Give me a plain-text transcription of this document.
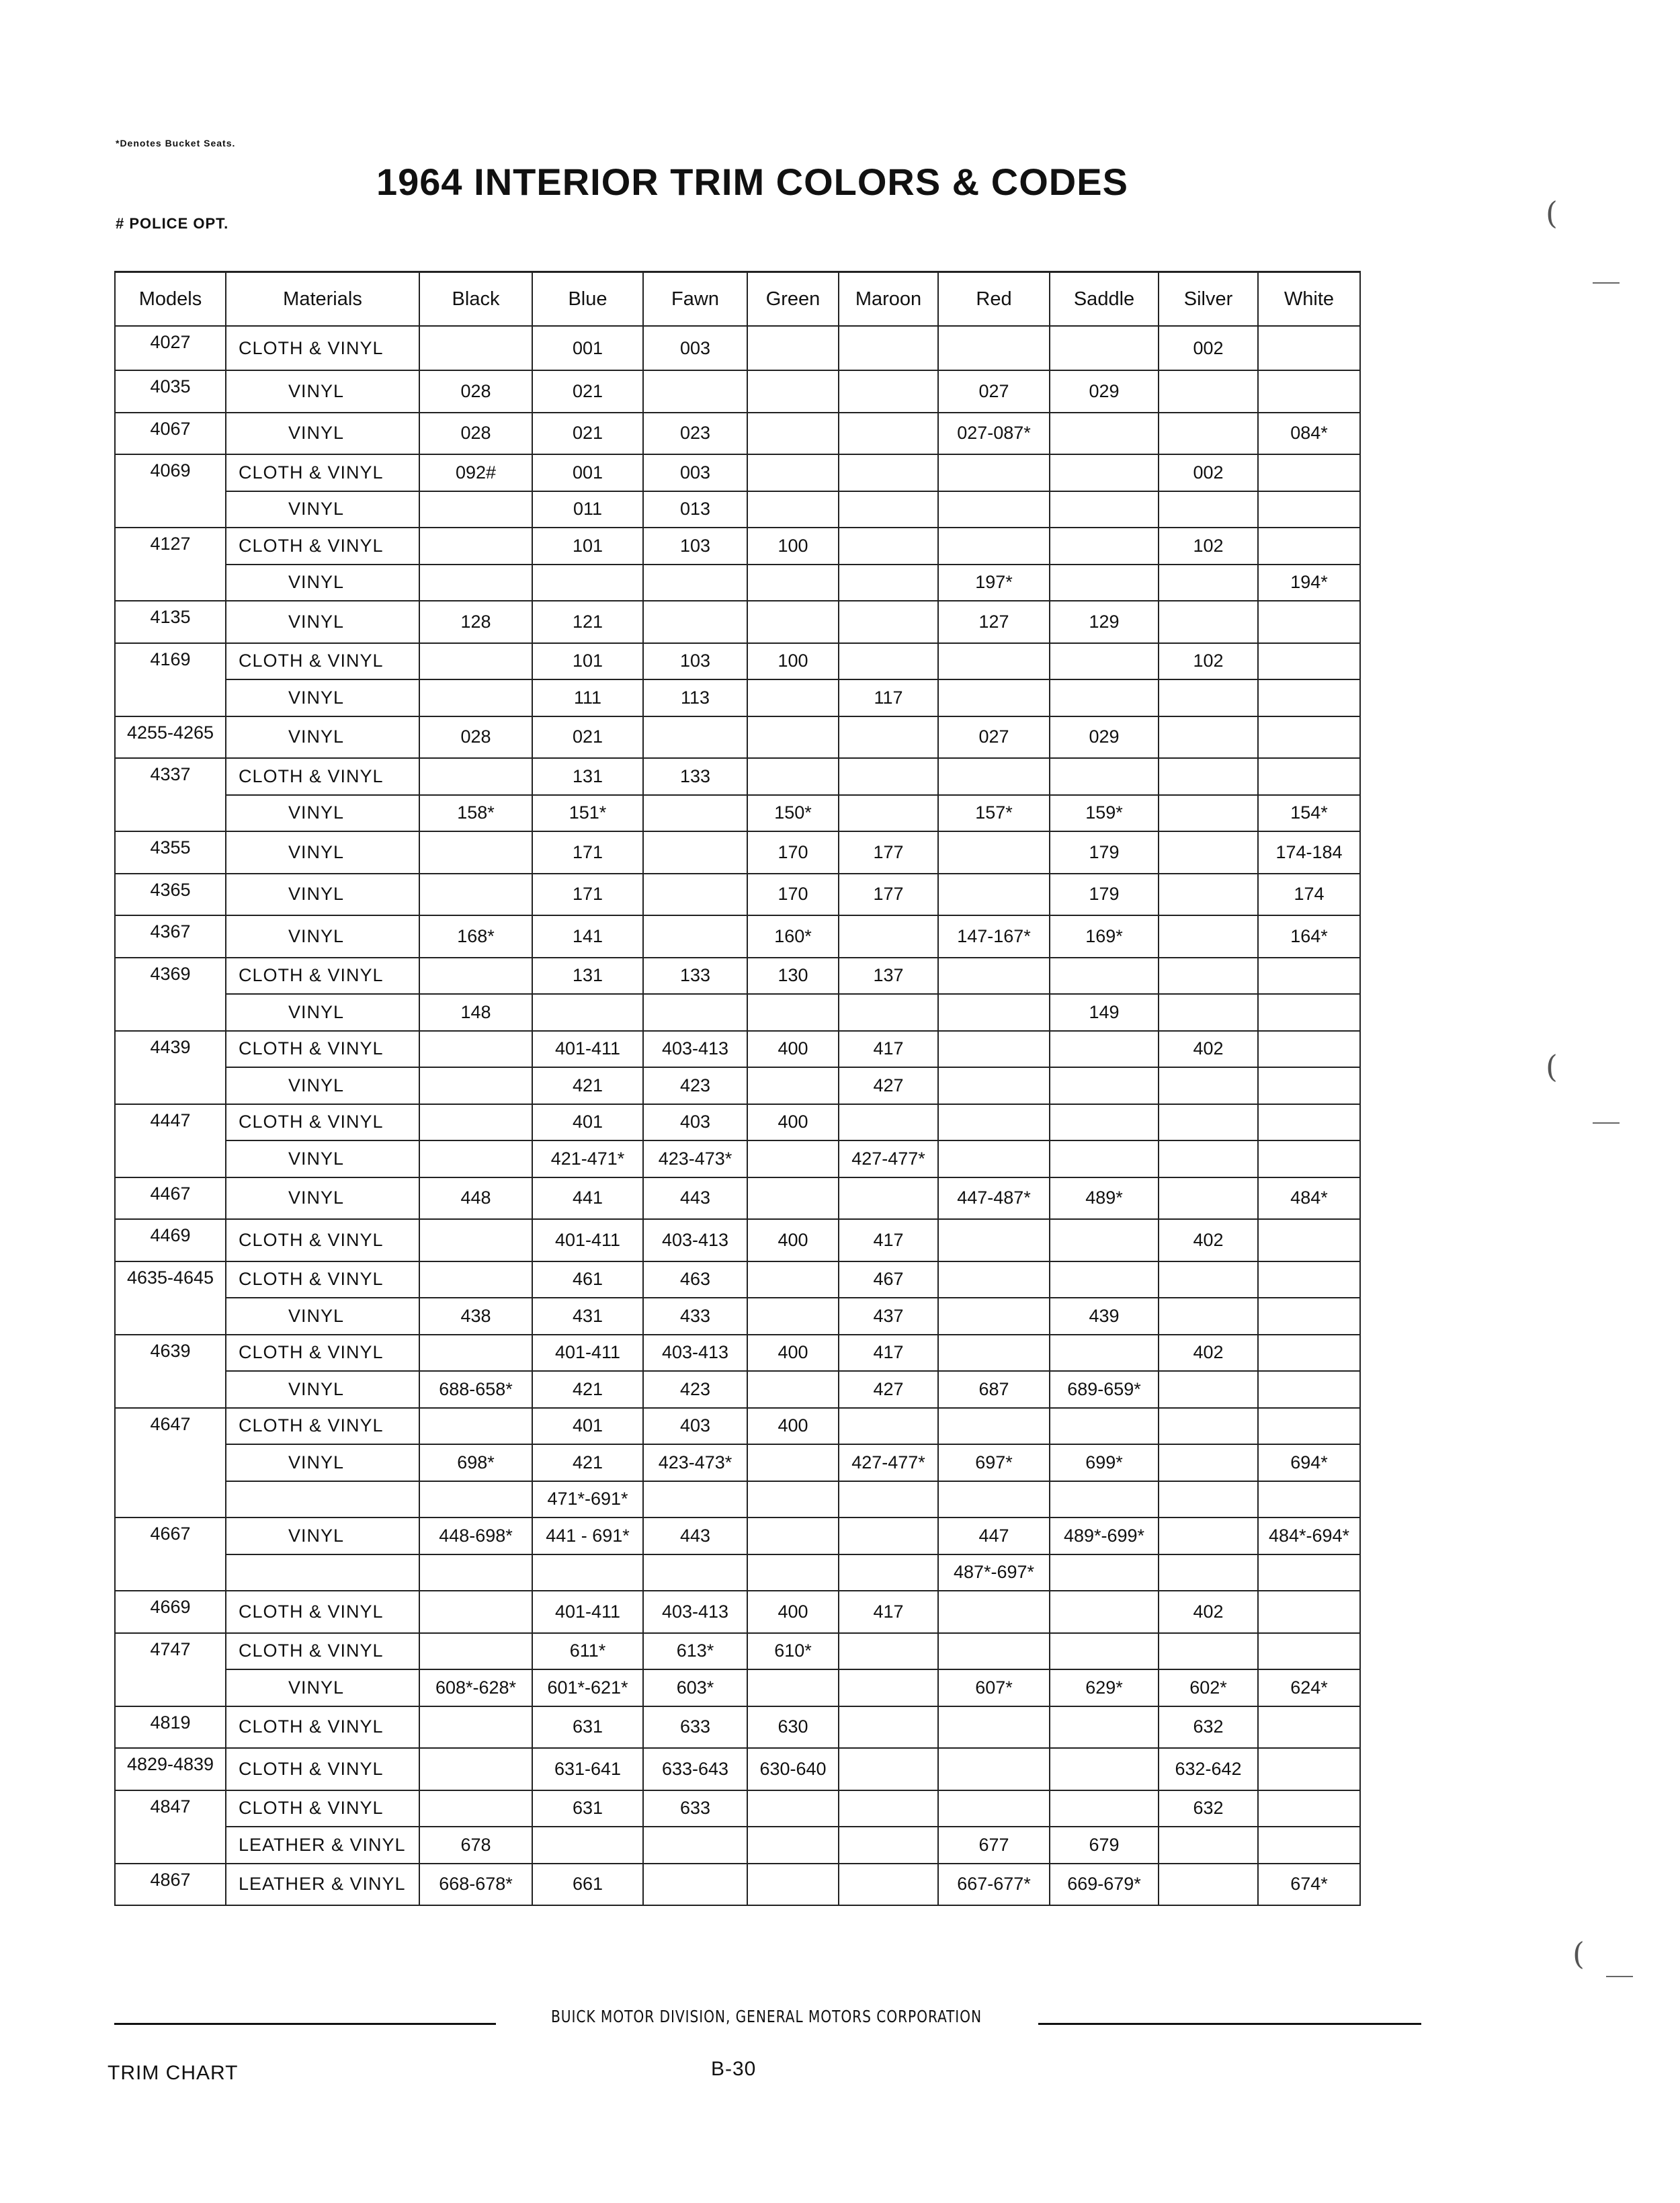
*Denotes Bucket Seats.
1964 INTERIOR TRIM COLORS & CODES
# POLICE OPT.	(
(
(
Models	Materials	Black	Blue	Fawn	Green	Maroon	Red	Saddle	Silver	White
4027	CLOTH & VINYL		001	003					002	
4035	VINYL	028	021				027	029		
4067	VINYL	028	021	023			027-087*			084*
4069	CLOTH & VINYL	092#	001	003					002	
	VINYL		011	013						
4127	CLOTH & VINYL		101	103	100				102	
	VINYL						197*			194*
4135	VINYL	128	121				127	129		
4169	CLOTH & VINYL		101	103	100				102	
	VINYL		111	113		117				
4255-4265	VINYL	028	021				027	029		
4337	CLOTH & VINYL		131	133						
	VINYL	158*	151*		150*		157*	159*		154*
4355	VINYL		171		170	177		179		174-184
4365	VINYL		171		170	177		179		174
4367	VINYL	168*	141		160*		147-167*	169*		164*
4369	CLOTH & VINYL		131	133	130	137				
	VINYL	148						149		
4439	CLOTH & VINYL		401-411	403-413	400	417			402	
	VINYL		421	423		427				
4447	CLOTH & VINYL		401	403	400					
	VINYL		421-471*	423-473*		427-477*				
4467	VINYL	448	441	443			447-487*	489*		484*
4469	CLOTH & VINYL		401-411	403-413	400	417			402	
4635-4645	CLOTH & VINYL		461	463		467				
	VINYL	438	431	433		437		439		
4639	CLOTH & VINYL		401-411	403-413	400	417			402	
	VINYL	688-658*	421	423		427	687	689-659*		
4647	CLOTH & VINYL		401	403	400					
	VINYL	698*	421	423-473*		427-477*	697*	699*		694*
			471*-691*							
4667	VINYL	448-698*	441 - 691*	443			447	489*-699*		484*-694*
							487*-697*			
4669	CLOTH & VINYL		401-411	403-413	400	417			402	
4747	CLOTH & VINYL		611*	613*	610*					
	VINYL	608*-628*	601*-621*	603*			607*	629*	602*	624*
4819	CLOTH & VINYL		631	633	630				632	
4829-4839	CLOTH & VINYL		631-641	633-643	630-640				632-642	
4847	CLOTH & VINYL		631	633					632	
	LEATHER & VINYL	678					677	679		
4867	LEATHER & VINYL	668-678*	661				667-677*	669-679*		674*
BUICK MOTOR DIVISION, GENERAL MOTORS CORPORATION
TRIM CHART	B-30
